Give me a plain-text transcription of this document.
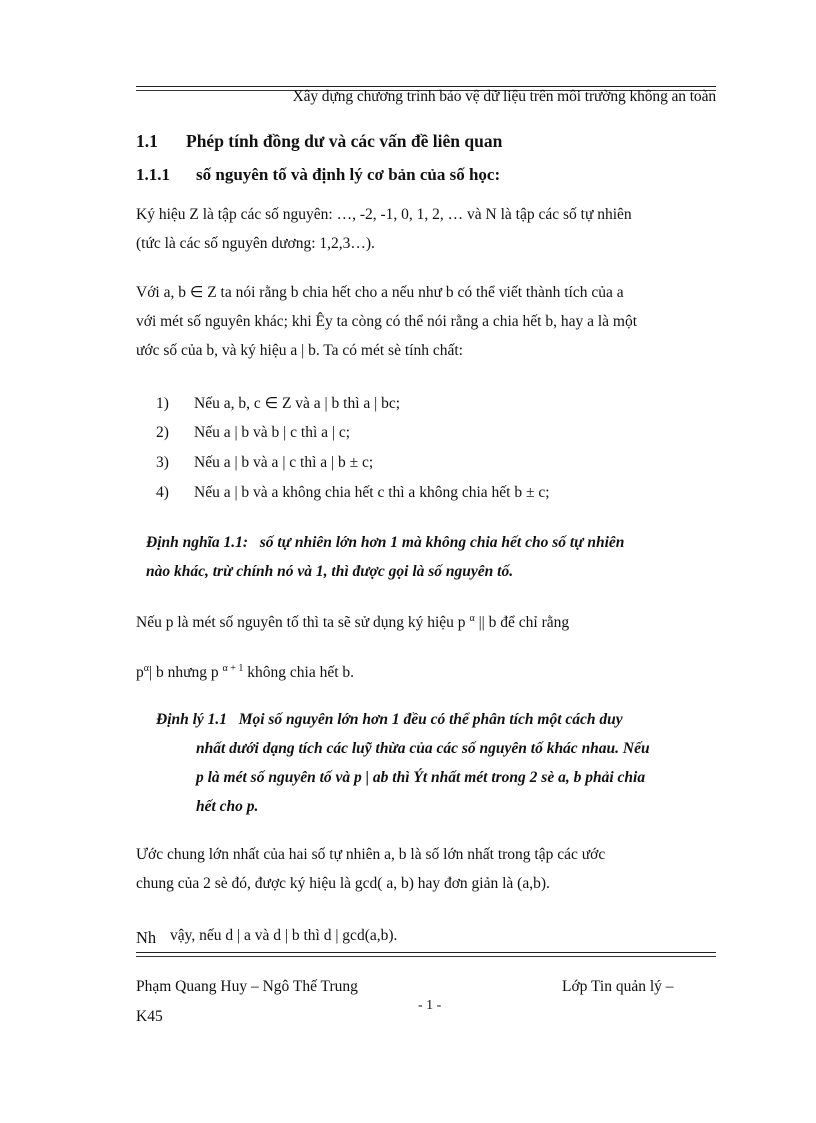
Xây dựng chương trình bảo vệ dữ liệu trên môi trường không an toàn
1.1 Phép tính đồng dư và các vấn đề liên quan
1.1.1 số nguyên tố và định lý cơ bản của số học:
Ký hiệu Z là tập các số nguyên: …, -2, -1, 0, 1, 2, … và N là tập các số tự nhiên
(tức là các số nguyên dương: 1,2,3…).
Với a, b ∈ Z ta nói rằng b chia hết cho a nếu như b có thể viết thành tích của a
với mét số nguyên khác; khi Êy ta còng có thể nói rằng a chia hết b, hay a là một
ước số của b, và ký hiệu a | b. Ta có mét sè tính chất:
1) Nếu a, b, c ∈ Z và a | b thì a | bc;
2) Nếu a | b và b | c thì a | c;
3) Nếu a | b và a | c thì a | b ± c;
4) Nếu a | b và a không chia hết c thì a không chia hết b ± c;
Định nghĩa 1.1: số tự nhiên lớn hơn 1 mà không chia hết cho số tự nhiên
nào khác, trừ chính nó và 1, thì được gọi là số nguyên tố.
Nếu p là mét số nguyên tố thì ta sẽ sử dụng ký hiệu p $^\alpha$ || b để chỉ rằng
$p^\alpha|$ b nhưng p $^{\alpha + 1}$ không chia hết b.
Định lý 1.1 Mọi số nguyên lớn hơn 1 đều có thể phân tích một cách duy
nhất dưới dạng tích các luỹ thừa của các số nguyên tố khác nhau. Nếu
p là mét số nguyên tố và p | ab thì Ýt nhất mét trong 2 sè a, b phải chia
hết cho p.
Ước chung lớn nhất của hai số tự nhiên a, b là số lớn nhất trong tập các ước
chung của 2 sè đó, được ký hiệu là gcd( a, b) hay đơn giản là (a,b).
Nh vậy, nếu d | a và d | b thì d | gcd(a,b).
Phạm Quang Huy – Ngô Thế Trung	Lớp Tin quản lý –
- 1 -
K45
